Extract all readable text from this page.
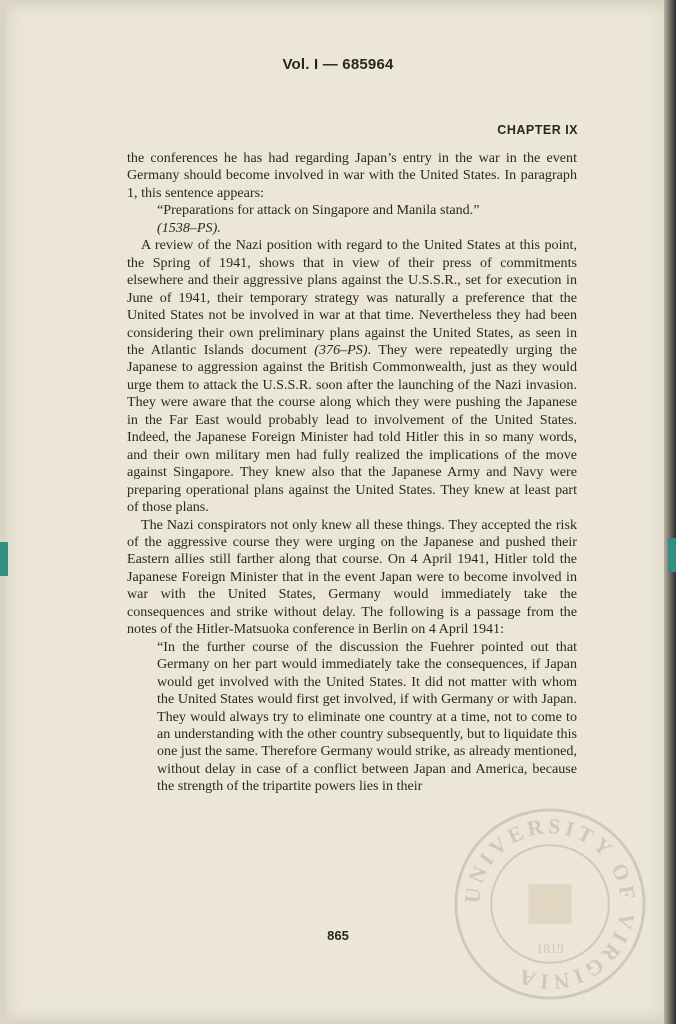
Vol. I — 685964
CHAPTER IX

the conferences he has had regarding Japan’s entry in the war in the event Germany should become involved in war with the United States. In paragraph 1, this sentence appears:

“Preparations for attack on Singapore and Manila stand.”

(1538–PS).

A review of the Nazi position with regard to the United States at this point, the Spring of 1941, shows that in view of their press of commitments elsewhere and their aggressive plans against the U.S.S.R., set for execution in June of 1941, their temporary strategy was naturally a preference that the United States not be involved in war at that time. Nevertheless they had been considering their own preliminary plans against the United States, as seen in the Atlantic Islands document (376–PS). They were repeatedly urging the Japanese to aggression against the British Commonwealth, just as they would urge them to attack the U.S.S.R. soon after the launching of the Nazi invasion. They were aware that the course along which they were pushing the Japanese in the Far East would probably lead to involvement of the United States. Indeed, the Japanese Foreign Minister had told Hitler this in so many words, and their own military men had fully realized the implications of the move against Singapore. They knew also that the Japanese Army and Navy were preparing operational plans against the United States. They knew at least part of those plans.

The Nazi conspirators not only knew all these things. They accepted the risk of the aggressive course they were urging on the Japanese and pushed their Eastern allies still farther along that course. On 4 April 1941, Hitler told the Japanese Foreign Minister that in the event Japan were to become involved in war with the United States, Germany would immediately take the consequences and strike without delay. The following is a passage from the notes of the Hitler-Matsuoka conference in Berlin on 4 April 1941:

“In the further course of the discussion the Fuehrer pointed out that Germany on her part would immediately take the consequences, if Japan would get involved with the United States. It did not matter with whom the United States would first get involved, if with Germany or with Japan. They would always try to eliminate one country at a time, not to come to an understanding with the other country subsequently, but to liquidate this one just the same. Therefore Germany would strike, as already mentioned, without delay in case of a conflict between Japan and America, because the strength of the tripartite powers lies in their

865
UNIVERSITY OF VIRGINIA
1819
